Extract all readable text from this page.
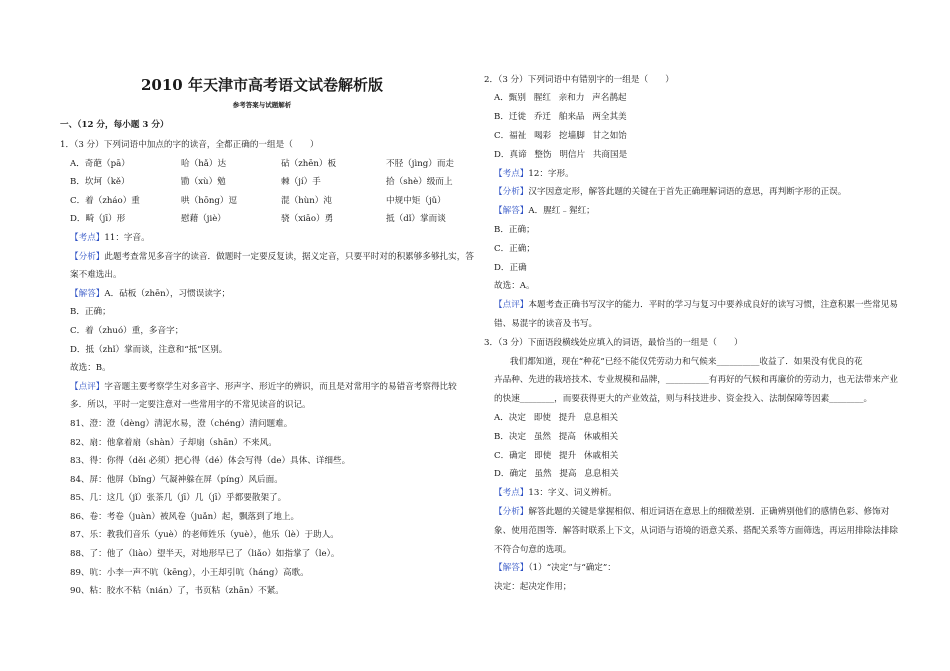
2010 年天津市高考语文试卷解析版
参考答案与试题解析
一、（12 分，每小题 3 分）
1．（3 分）下列词语中加点的字的读音，全都正确的一组是（　　）
A．奇葩（pā）	哈（hǎ）达	砧（zhēn）板	不胫（jìng）而走
B．坎坷（kě）	勖（xù）勉	棘（jí）手	拾（shè）级而上
C．着（zháo）重	哄（hōng）逗	混（hùn）沌	中规中矩（jǔ）
D．畸（jī）形	慰藉（jiè）	骁（xiāo）勇	抵（dǐ）掌而谈
【考点】11：字音。
【分析】此题考查常见多音字的读音．做题时一定要反复读，据义定音，只要平时对的积累够多够扎实，答
案不难选出。
【解答】A．砧板（zhēn），习惯误读字；
B．正确；
C．着（zhuó）重，多音字；
D．抵（zhǐ）掌而谈，注意和“抵”区别。
故选：B。
【点评】字音题主要考察学生对多音字、形声字、形近字的辨识，而且是对常用字的易错音考察得比较
多．所以，平时一定要注意对一些常用字的不常见读音的识记。
81、澄：澄（dèng）清泥水易，澄（chéng）清问题难。
82、扇：他拿着扇（shàn）子却扇（shān）不来风。
83、得：你得（děi 必须）把心得（dé）体会写得（de）具体、详细些。
84、屏：他屏（bǐng）气凝神躲在屏（píng）风后面。
85、几：这几（jǐ）张茶几（jī）几（jī）乎都要散架了。
86、卷：考卷（juàn）被风卷（juǎn）起，飘落到了地上。
87、乐：教我们音乐（yuè）的老师姓乐（yuè），他乐（lè）于助人。
88、了：他了（liào）望半天，对地形早已了（liǎo）如指掌了（le）。
89、吭：小李一声不吭（kēng），小王却引吭（háng）高歌。
90、粘：胶水不粘（nián）了，书页粘（zhān）不紧。
2．（3 分）下列词语中有错别字的一组是（　　）
A．甄别 腥红 亲和力 声名鹊起
B．迁徙 乔迁 舶来品 两全其美
C．福祉 喝彩 挖墙脚 甘之如饴
D．真谛 整饬 明信片 共商国是
【考点】12：字形。
【分析】汉字因意定形，解答此题的关键在于首先正确理解词语的意思，再判断字形的正误。
【解答】A．腥红﹣猩红；
B．正确；
C．正确；
D．正确
故选：A。
【点评】本题考查正确书写汉字的能力．平时的学习与复习中要养成良好的读写习惯，注意积累一些常见易
错、易混字的读音及书写。
3．（3 分）下面语段横线处应填入的词语，最恰当的一组是（　　）
我们都知道，现在“种花”已经不能仅凭劳动力和气候来__________收益了．如果没有优良的花
卉品种、先进的栽培技术、专业规模和品牌，__________有再好的气候和再廉价的劳动力，也无法带来产业
的快速________，而要获得更大的产业效益，则与科技进步、资金投入、法制保障等因素________。
A．决定 即使 提升 息息相关
B．决定 虽然 提高 休戚相关
C．确定 即使 提升 休戚相关
D．确定 虽然 提高 息息相关
【考点】13：字义、词义辨析。
【分析】解答此题的关键是掌握相似、相近词语在意思上的细微差别．正确辨别他们的感情色彩、修饰对
象、使用范围等．解答时联系上下文，从词语与语境的语意关系、搭配关系等方面筛选，再运用排除法排除
不符合句意的选项。
【解答】（1）“决定”与“确定”：
决定：起决定作用；
